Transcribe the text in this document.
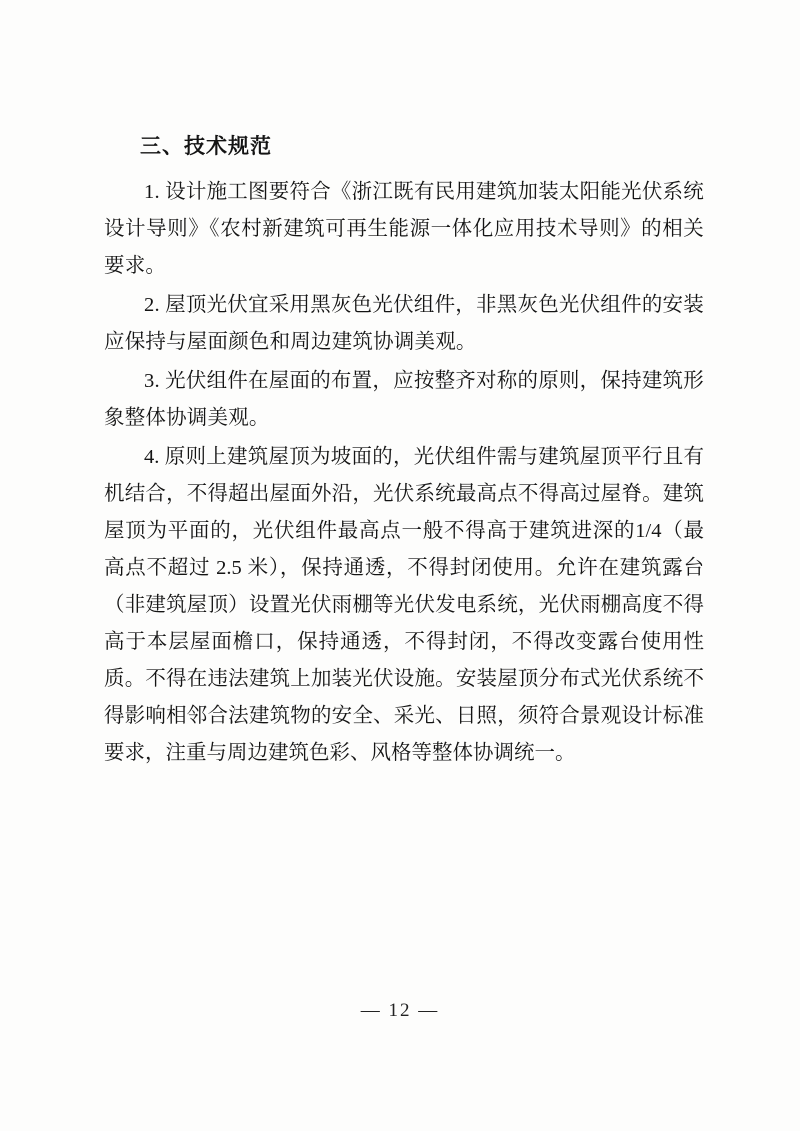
三、技术规范

1. 设计施工图要符合《浙江既有民用建筑加装太阳能光伏系统设计导则》《农村新建筑可再生能源一体化应用技术导则》的相关要求。

2. 屋顶光伏宜采用黑灰色光伏组件，非黑灰色光伏组件的安装应保持与屋面颜色和周边建筑协调美观。

3. 光伏组件在屋面的布置，应按整齐对称的原则，保持建筑形象整体协调美观。

4. 原则上建筑屋顶为坡面的，光伏组件需与建筑屋顶平行且有机结合，不得超出屋面外沿，光伏系统最高点不得高过屋脊。建筑屋顶为平面的，光伏组件最高点一般不得高于建筑进深的1/4（最高点不超过 2.5 米），保持通透，不得封闭使用。允许在建筑露台（非建筑屋顶）设置光伏雨棚等光伏发电系统，光伏雨棚高度不得高于本层屋面檐口，保持通透，不得封闭，不得改变露台使用性质。不得在违法建筑上加装光伏设施。安装屋顶分布式光伏系统不得影响相邻合法建筑物的安全、采光、日照，须符合景观设计标准要求，注重与周边建筑色彩、风格等整体协调统一。

— 12 —
